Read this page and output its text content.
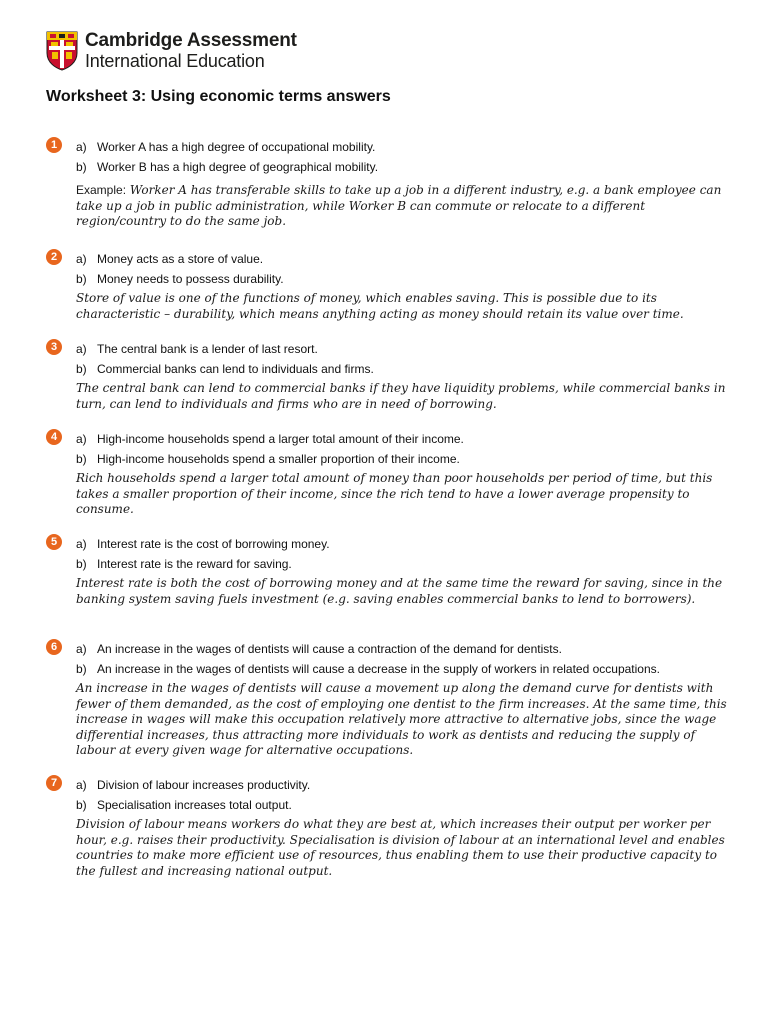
Cambridge Assessment
International Education
Worksheet 3: Using economic terms answers
1	a) Worker A has a high degree of occupational mobility.
b) Worker B has a high degree of geographical mobility.
Example: Worker A has transferable skills to take up a job in a different industry, e.g. a bank employee can take up a job in public administration, while Worker B can commute or relocate to a different region/country to do the same job.
2	a) Money acts as a store of value.
b) Money needs to possess durability.
Store of value is one of the functions of money, which enables saving. This is possible due to its characteristic – durability, which means anything acting as money should retain its value over time.
3	a) The central bank is a lender of last resort.
b) Commercial banks can lend to individuals and firms.
The central bank can lend to commercial banks if they have liquidity problems, while commercial banks in turn, can lend to individuals and firms who are in need of borrowing.
4	a) High-income households spend a larger total amount of their income.
b) High-income households spend a smaller proportion of their income.
Rich households spend a larger total amount of money than poor households per period of time, but this takes a smaller proportion of their income, since the rich tend to have a lower average propensity to consume.
5	a) Interest rate is the cost of borrowing money.
b) Interest rate is the reward for saving.
Interest rate is both the cost of borrowing money and at the same time the reward for saving, since in the banking system saving fuels investment (e.g. saving enables commercial banks to lend to borrowers).
6	a) An increase in the wages of dentists will cause a contraction of the demand for dentists.
b) An increase in the wages of dentists will cause a decrease in the supply of workers in related occupations.
An increase in the wages of dentists will cause a movement up along the demand curve for dentists with fewer of them demanded, as the cost of employing one dentist to the firm increases. At the same time, this increase in wages will make this occupation relatively more attractive to alternative jobs, since the wage differential increases, thus attracting more individuals to work as dentists and reducing the supply of labour at every given wage for alternative occupations.
7	a) Division of labour increases productivity.
b) Specialisation increases total output.
Division of labour means workers do what they are best at, which increases their output per worker per hour, e.g. raises their productivity. Specialisation is division of labour at an international level and enables countries to make more efficient use of resources, thus enabling them to use their productive capacity to the fullest and increasing national output.
